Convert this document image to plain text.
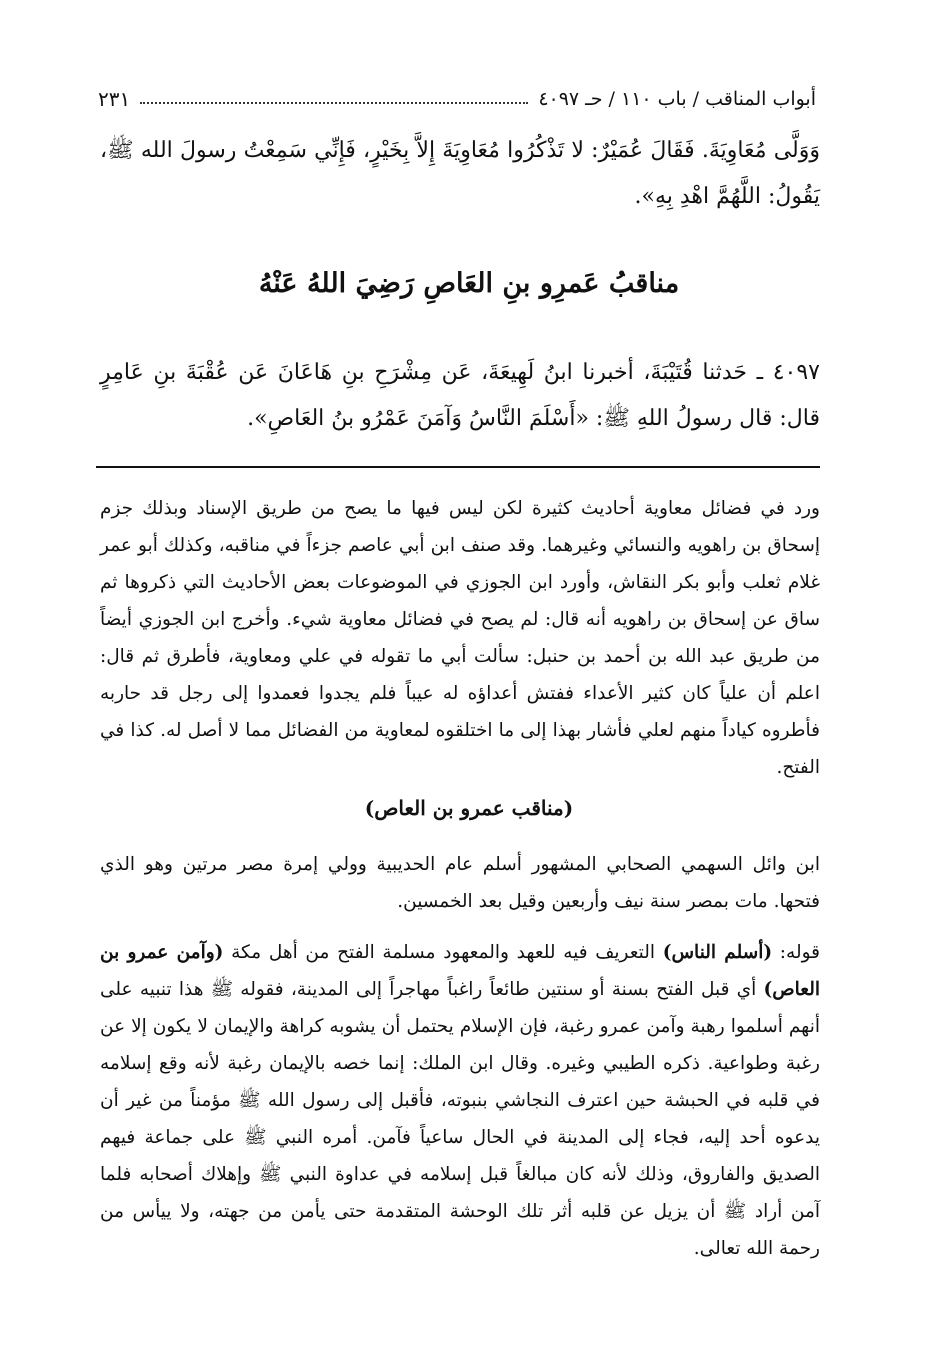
أبواب المناقب / باب ١١٠ / حـ ٤٠٩٧
٢٣١

وَوَلَّى مُعَاوِيَةَ. فَقَالَ عُمَيْرٌ: لا تَذْكُرُوا مُعَاوِيَةَ إِلاَّ بِخَيْرٍ، فَإِنِّي سَمِعْتُ رسولَ الله ﷺ، يَقُولُ: اللَّهُمَّ اهْدِ بِهِ».

مناقبُ عَمرِو بنِ العَاصِ رَضِيَ اللهُ عَنْهُ

٤٠٩٧ ـ حَدثنا قُتَيْبَةَ، أخبرنا ابنُ لَهِيعَةَ، عَن مِشْرَحِ بنِ هَاعَانَ عَن عُقْبَةَ بنِ عَامِرٍ قال: قال رسولُ اللهِ ﷺ: «أَسْلَمَ النَّاسُ وَآمَنَ عَمْرُو بنُ العَاصِ».

ورد في فضائل معاوية أحاديث كثيرة لكن ليس فيها ما يصح من طريق الإسناد وبذلك جزم إسحاق بن راهويه والنسائي وغيرهما. وقد صنف ابن أبي عاصم جزءاً في مناقبه، وكذلك أبو عمر غلام ثعلب وأبو بكر النقاش، وأورد ابن الجوزي في الموضوعات بعض الأحاديث التي ذكروها ثم ساق عن إسحاق بن راهويه أنه قال: لم يصح في فضائل معاوية شيء. وأخرج ابن الجوزي أيضاً من طريق عبد الله بن أحمد بن حنبل: سألت أبي ما تقوله في علي ومعاوية، فأطرق ثم قال: اعلم أن علياً كان كثير الأعداء ففتش أعداؤه له عيباً فلم يجدوا فعمدوا إلى رجل قد حاربه فأطروه كياداً منهم لعلي فأشار بهذا إلى ما اختلقوه لمعاوية من الفضائل مما لا أصل له. كذا في الفتح.

(مناقب عمرو بن العاص)

ابن وائل السهمي الصحابي المشهور أسلم عام الحديبية وولي إمرة مصر مرتين وهو الذي فتحها. مات بمصر سنة نيف وأربعين وقيل بعد الخمسين.

قوله: (أسلم الناس) التعريف فيه للعهد والمعهود مسلمة الفتح من أهل مكة (وآمن عمرو بن العاص) أي قبل الفتح بسنة أو سنتين طائعاً راغباً مهاجراً إلى المدينة، فقوله ﷺ هذا تنبيه على أنهم أسلموا رهبة وآمن عمرو رغبة، فإن الإسلام يحتمل أن يشوبه كراهة والإيمان لا يكون إلا عن رغبة وطواعية. ذكره الطيبي وغيره. وقال ابن الملك: إنما خصه بالإيمان رغبة لأنه وقع إسلامه في قلبه في الحبشة حين اعترف النجاشي بنبوته، فأقبل إلى رسول الله ﷺ مؤمناً من غير أن يدعوه أحد إليه، فجاء إلى المدينة في الحال ساعياً فآمن. أمره النبي ﷺ على جماعة فيهم الصديق والفاروق، وذلك لأنه كان مبالغاً قبل إسلامه في عداوة النبي ﷺ وإهلاك أصحابه فلما آمن أراد ﷺ أن يزيل عن قلبه أثر تلك الوحشة المتقدمة حتى يأمن من جهته، ولا ييأس من رحمة الله تعالى.
